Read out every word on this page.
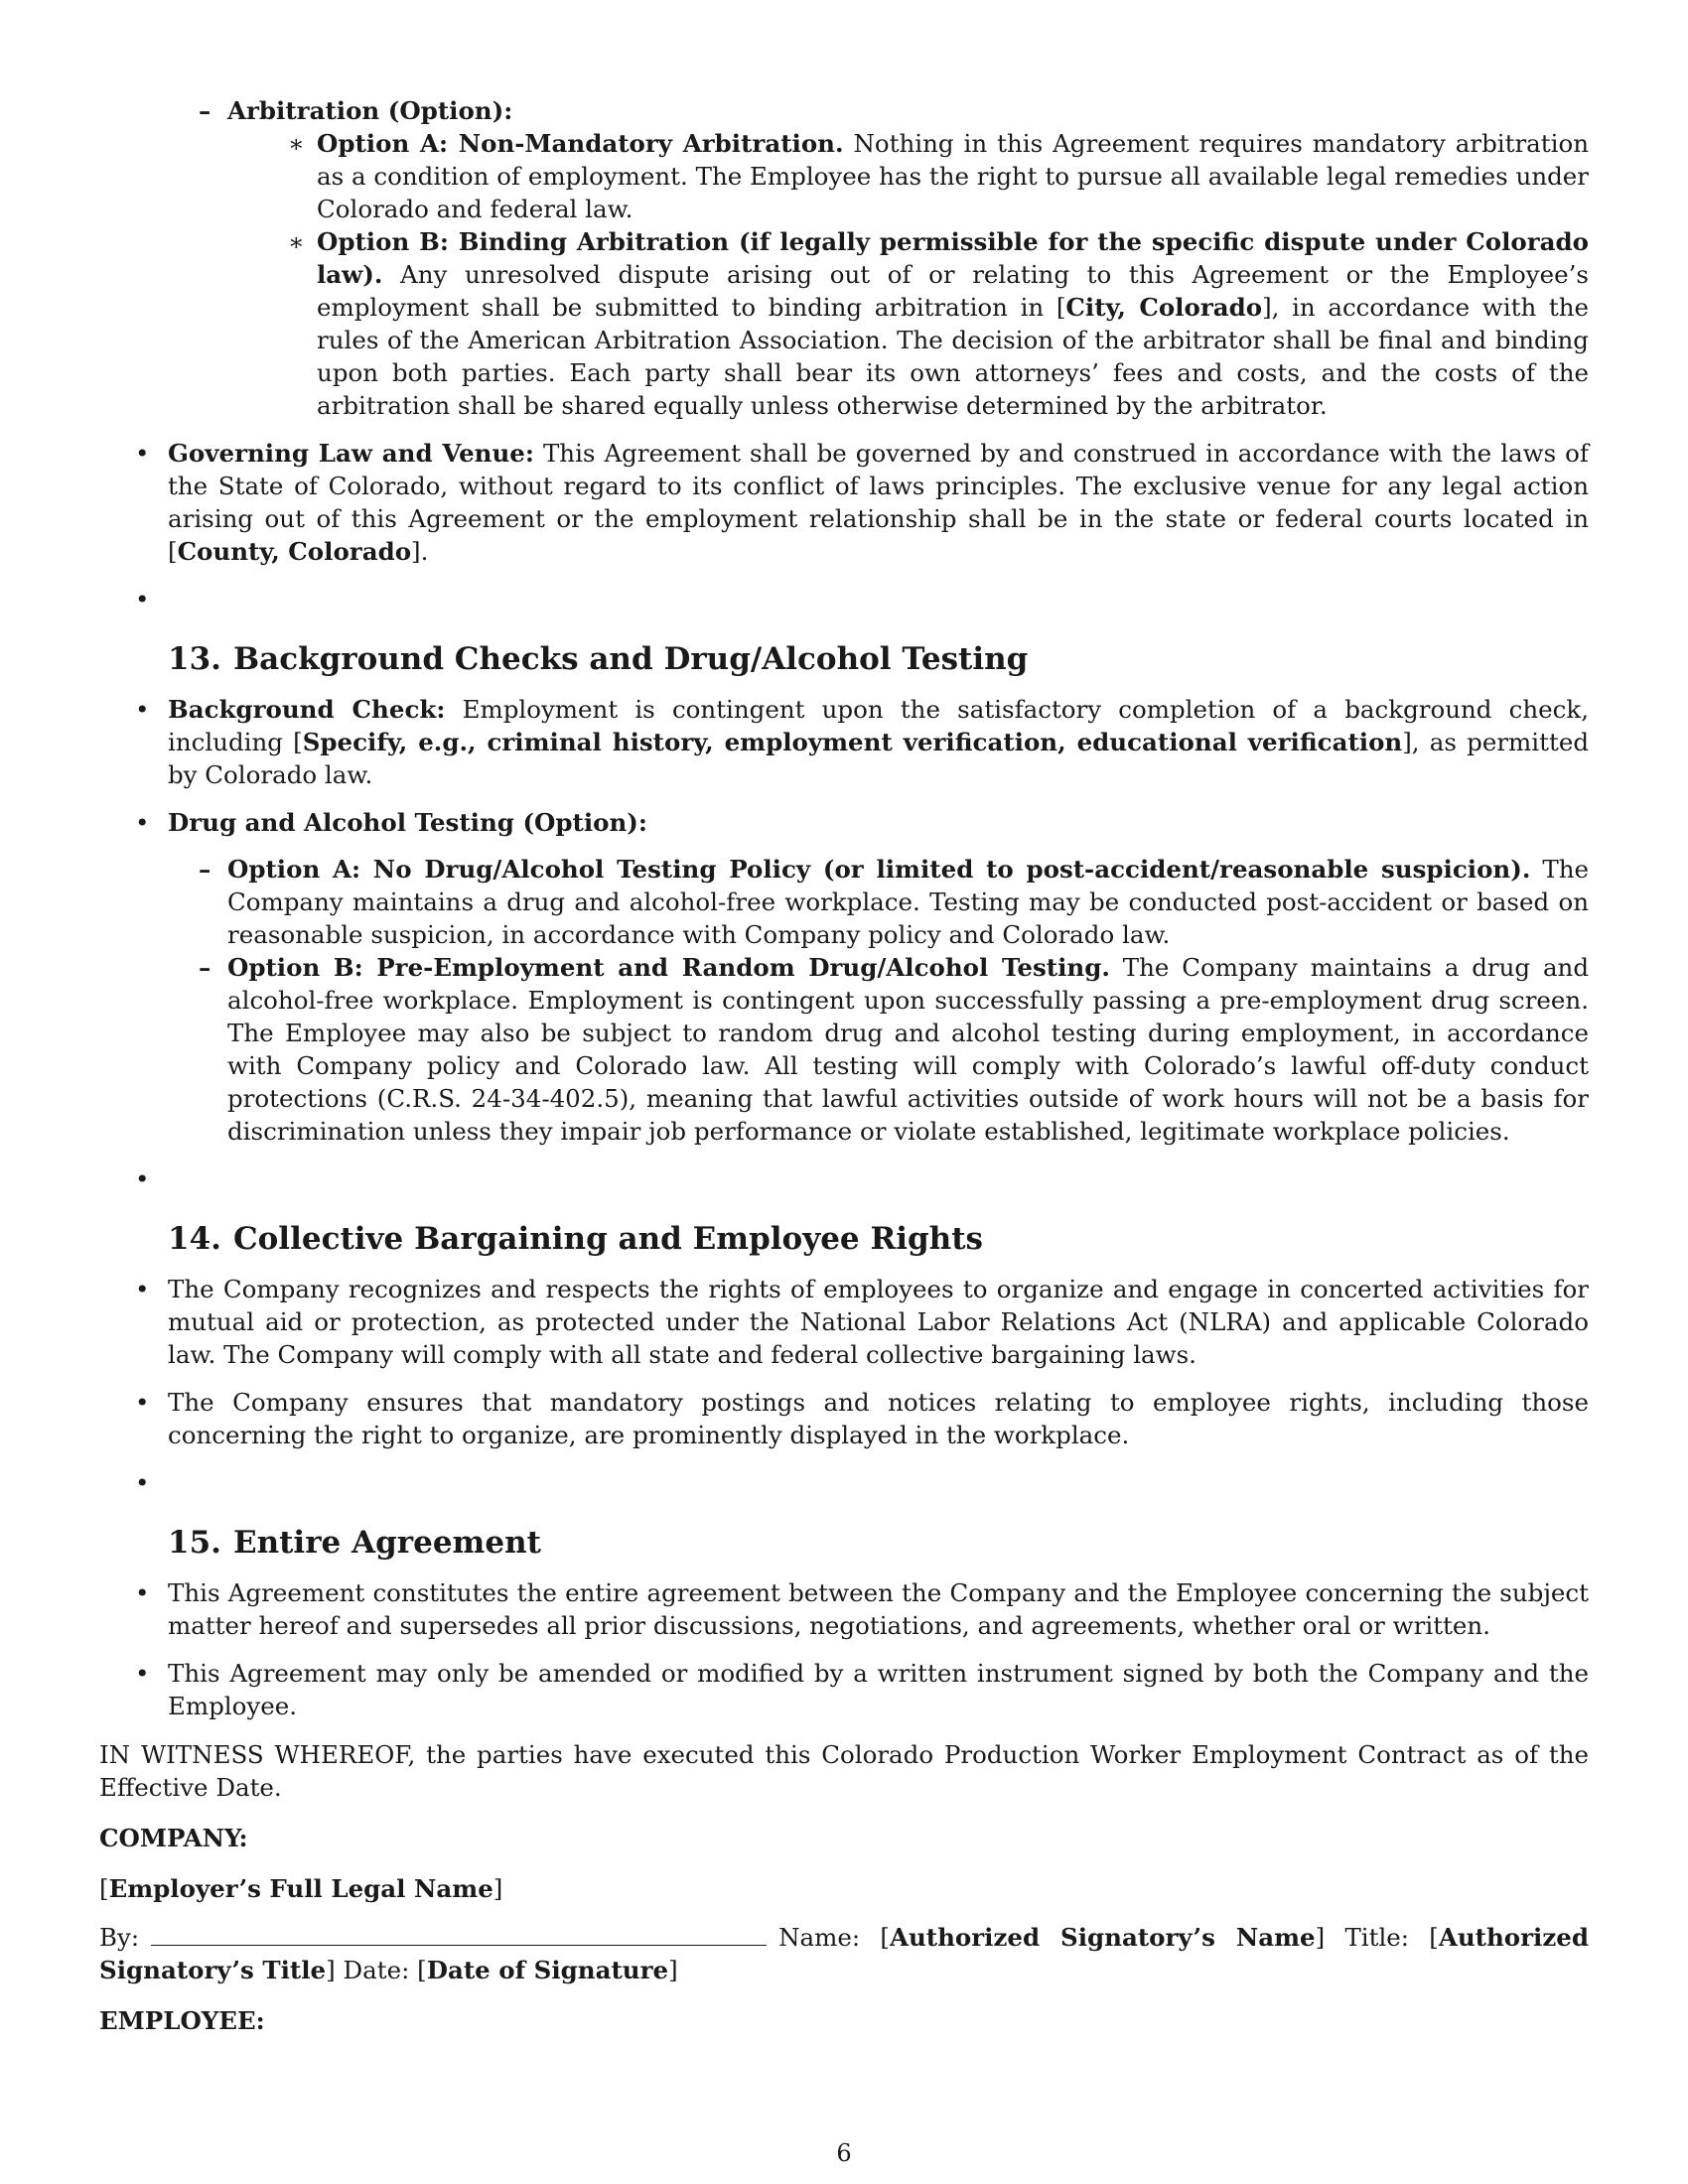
– Arbitration (Option):

∗ Option A: Non-Mandatory Arbitration. Nothing in this Agreement requires mandatory arbitration as a condition of employment. The Employee has the right to pursue all available legal remedies under Colorado and federal law.

∗ Option B: Binding Arbitration (if legally permissible for the specific dispute under Colorado law). Any unresolved dispute arising out of or relating to this Agreement or the Employee’s employment shall be submitted to binding arbitration in [City, Colorado], in accordance with the rules of the American Arbitration Association. The decision of the arbitrator shall be final and binding upon both parties. Each party shall bear its own attorneys’ fees and costs, and the costs of the arbitration shall be shared equally unless otherwise determined by the arbitrator.

• Governing Law and Venue: This Agreement shall be governed by and construed in accordance with the laws of the State of Colorado, without regard to its conflict of laws principles. The exclusive venue for any legal action arising out of this Agreement or the employment relationship shall be in the state or federal courts located in [County, Colorado].

•
13. Background Checks and Drug/Alcohol Testing

• Background Check: Employment is contingent upon the satisfactory completion of a background check, including [Specify, e.g., criminal history, employment verification, educational verification], as permitted by Colorado law.

• Drug and Alcohol Testing (Option):

– Option A: No Drug/Alcohol Testing Policy (or limited to post-accident/reasonable suspicion). The Company maintains a drug and alcohol-free workplace. Testing may be conducted post-accident or based on reasonable suspicion, in accordance with Company policy and Colorado law.

– Option B: Pre-Employment and Random Drug/Alcohol Testing. The Company maintains a drug and alcohol-free workplace. Employment is contingent upon successfully passing a pre-employment drug screen. The Employee may also be subject to random drug and alcohol testing during employment, in accordance with Company policy and Colorado law. All testing will comply with Colorado’s lawful off-duty conduct protections (C.R.S. 24-34-402.5), meaning that lawful activities outside of work hours will not be a basis for discrimination unless they impair job performance or violate established, legitimate workplace policies.

•
14. Collective Bargaining and Employee Rights

• The Company recognizes and respects the rights of employees to organize and engage in concerted activities for mutual aid or protection, as protected under the National Labor Relations Act (NLRA) and applicable Colorado law. The Company will comply with all state and federal collective bargaining laws.

• The Company ensures that mandatory postings and notices relating to employee rights, including those concerning the right to organize, are prominently displayed in the workplace.

•
15. Entire Agreement

• This Agreement constitutes the entire agreement between the Company and the Employee concerning the subject matter hereof and supersedes all prior discussions, negotiations, and agreements, whether oral or written.

• This Agreement may only be amended or modified by a written instrument signed by both the Company and the Employee.

IN WITNESS WHEREOF, the parties have executed this Colorado Production Worker Employment Contract as of the Effective Date.

COMPANY:

[Employer’s Full Legal Name]

By:	Name: [Authorized Signatory’s Name] Title: [Authorized Signatory’s Title] Date: [Date of Signature]

EMPLOYEE:

6
